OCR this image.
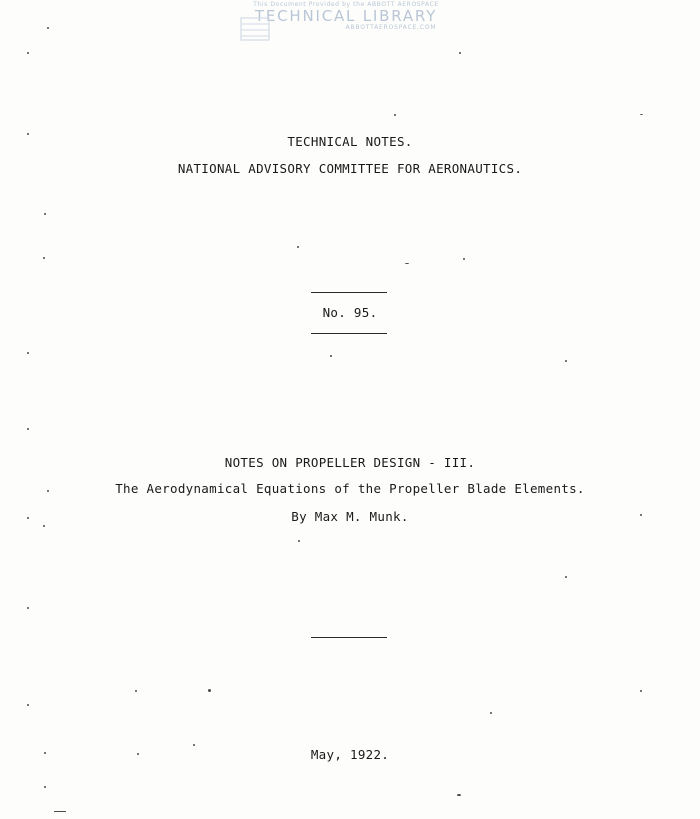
This Document Provided by the ABBOTT AEROSPACE
TECHNICAL LIBRARY
ABBOTTAEROSPACE.COM
TECHNICAL NOTES.
NATIONAL ADVISORY COMMITTEE FOR AERONAUTICS.
No. 95.
NOTES ON PROPELLER DESIGN - III.
The Aerodynamical Equations of the Propeller Blade Elements.
By Max M. Munk.
May, 1922.
